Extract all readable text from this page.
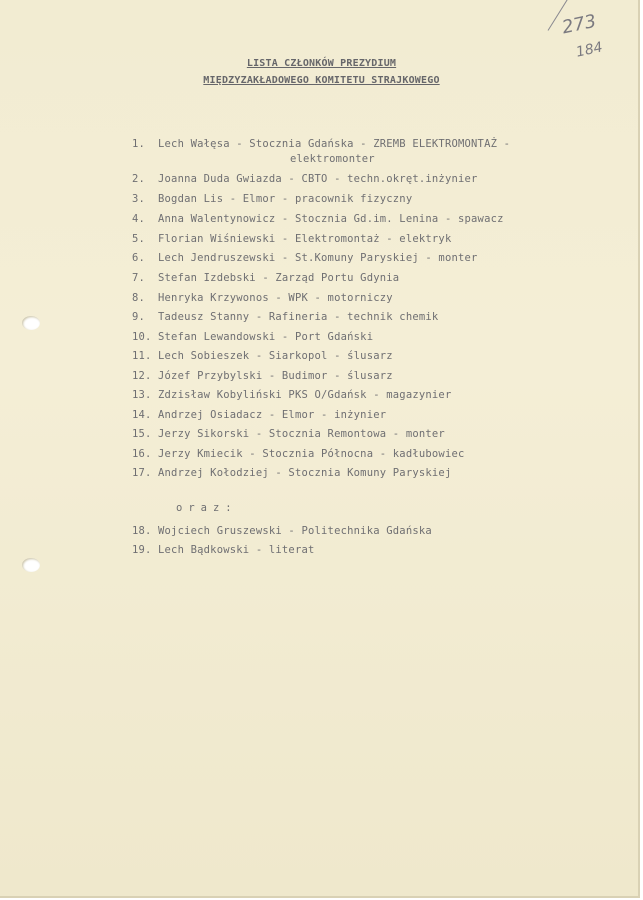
273
184
LISTA CZŁONKÓW PREZYDIUM
MIĘDZYZAKŁADOWEGO KOMITETU STRAJKOWEGO
1. Lech Wałęsa - Stocznia Gdańska - ZREMB ELEKTROMONTAŻ -
2. Joanna Duda Gwiazda - CBTO - techn.okręt.inżynier
3. Bogdan Lis - Elmor - pracownik fizyczny
4. Anna Walentynowicz - Stocznia Gd.im. Lenina - spawacz
5. Florian Wiśniewski - Elektromontaż - elektryk
6. Lech Jendruszewski - St.Komuny Paryskiej - monter
7. Stefan Izdebski - Zarząd Portu Gdynia
8. Henryka Krzywonos - WPK - motorniczy
9. Tadeusz Stanny - Rafineria - technik chemik
10. Stefan Lewandowski - Port Gdański
11. Lech Sobieszek - Siarkopol - ślusarz
12. Józef Przybylski - Budimor - ślusarz
13. Zdzisław Kobyliński PKS O/Gdańsk - magazynier
14. Andrzej Osiadacz - Elmor - inżynier
15. Jerzy Sikorski - Stocznia Remontowa - monter
16. Jerzy Kmiecik - Stocznia Północna - kadłubowiec
17. Andrzej Kołodziej - Stocznia Komuny Paryskiej
18. Wojciech Gruszewski - Politechnika Gdańska
19. Lech Bądkowski - literat
elektromonter
oraz:
